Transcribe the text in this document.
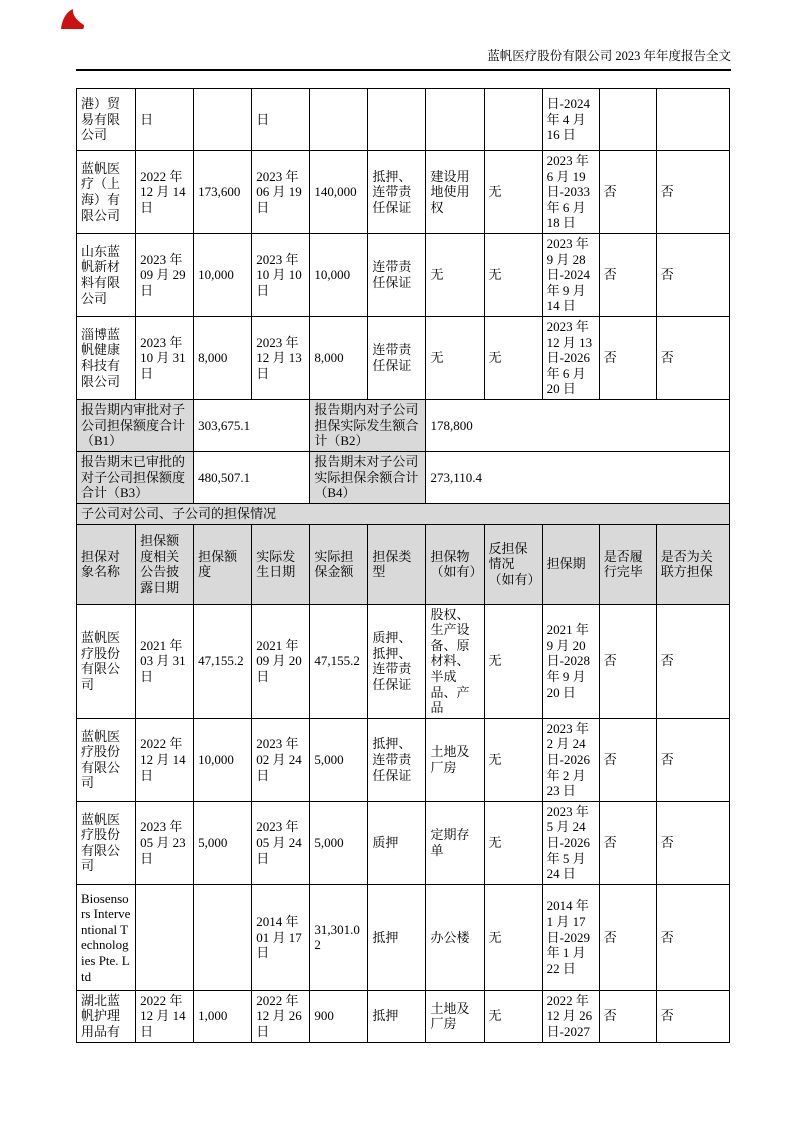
蓝帆医疗股份有限公司 2023 年年度报告全文
港）贸易有限公司	日		日					日-2024 年 4 月 16 日		
蓝帆医疗（上海）有限公司	2022 年 12 月 14 日	173,600	2023 年 06 月 19 日	140,000	抵押、连带责任保证	建设用地使用权	无	2023 年 6 月 19 日-2033 年 6 月 18 日	否	否
山东蓝帆新材料有限公司	2023 年 09 月 29 日	10,000	2023 年 10 月 10 日	10,000	连带责任保证	无	无	2023 年 9 月 28 日-2024 年 9 月 14 日	否	否
淄博蓝帆健康科技有限公司	2023 年 10 月 31 日	8,000	2023 年 12 月 13 日	8,000	连带责任保证	无	无	2023 年 12 月 13 日-2026 年 6 月 20 日	否	否
报告期内审批对子公司担保额度合计（B1）		303,675.1		报告期内对子公司担保实际发生额合计（B2）		178,800				
报告期末已审批的对子公司担保额度合计（B3）		480,507.1		报告期末对子公司实际担保余额合计（B4）		273,110.4				
子公司对公司、子公司的担保情况										
担保对象名称	担保额度相关公告披露日期	担保额度	实际发生日期	实际担保金额	担保类型	担保物（如有）	反担保情况（如有）	担保期	是否履行完毕	是否为关联方担保
蓝帆医疗股份有限公司	2021 年 03 月 31 日	47,155.2	2021 年 09 月 20 日	47,155.2	质押、抵押、连带责任保证	股权、生产设备、原材料、半成品、产品	无	2021 年 9 月 20 日-2028 年 9 月 20 日	否	否
蓝帆医疗股份有限公司	2022 年 12 月 14 日	10,000	2023 年 02 月 24 日	5,000	抵押、连带责任保证	土地及厂房	无	2023 年 2 月 24 日-2026 年 2 月 23 日	否	否
蓝帆医疗股份有限公司	2023 年 05 月 23 日	5,000	2023 年 05 月 24 日	5,000	质押	定期存单	无	2023 年 5 月 24 日-2026 年 5 月 24 日	否	否
Biosensors Interventional Technologies Pte. Ltd			2014 年 01 月 17 日	31,301.02	抵押	办公楼	无	2014 年 1 月 17 日-2029 年 1 月 22 日	否	否
湖北蓝帆护理用品有	2022 年 12 月 14 日	1,000	2022 年 12 月 26 日	900	抵押	土地及厂房	无	2022 年 12 月 26 日-2027	否	否
